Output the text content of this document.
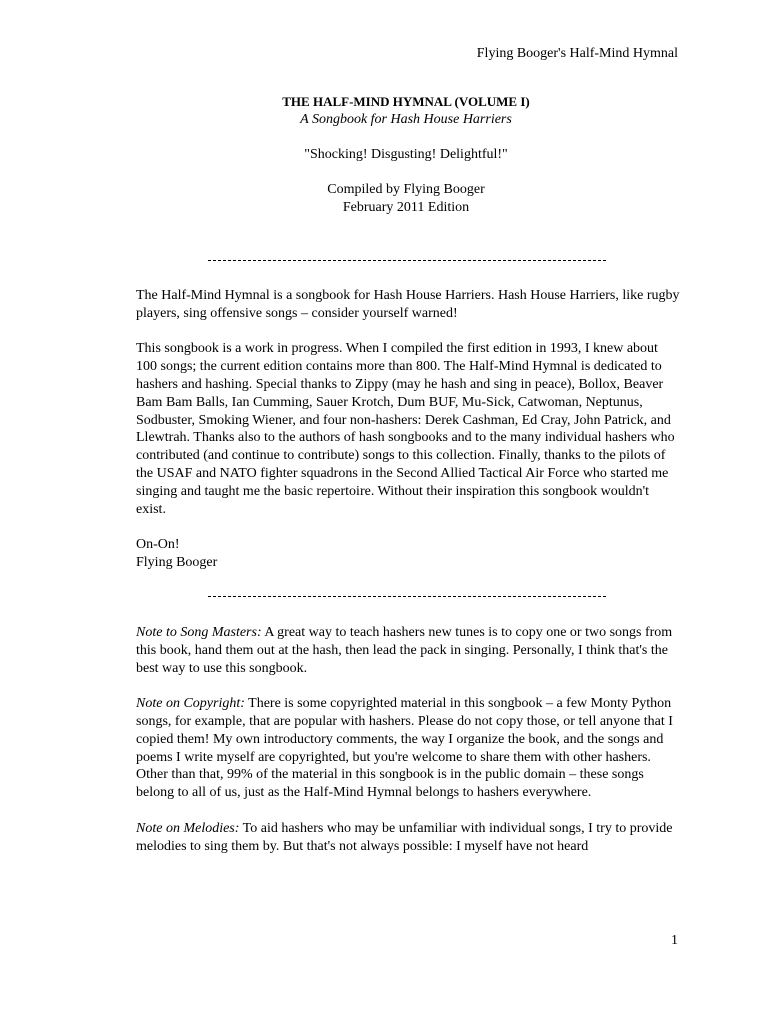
Flying Booger's Half-Mind Hymnal
THE HALF-MIND HYMNAL (VOLUME I)
A Songbook for Hash House Harriers
"Shocking! Disgusting! Delightful!"
Compiled by Flying Booger
February 2011 Edition

The Half-Mind Hymnal is a songbook for Hash House Harriers. Hash House Harriers, like rugby players, sing offensive songs – consider yourself warned!

This songbook is a work in progress. When I compiled the first edition in 1993, I knew about 100 songs; the current edition contains more than 800. The Half-Mind Hymnal is dedicated to hashers and hashing. Special thanks to Zippy (may he hash and sing in peace), Bollox, Beaver Bam Bam Balls, Ian Cumming, Sauer Krotch, Dum BUF, Mu-Sick, Catwoman, Neptunus, Sodbuster, Smoking Wiener, and four non-hashers: Derek Cashman, Ed Cray, John Patrick, and Llewtrah. Thanks also to the authors of hash songbooks and to the many individual hashers who contributed (and continue to contribute) songs to this collection. Finally, thanks to the pilots of the USAF and NATO fighter squadrons in the Second Allied Tactical Air Force who started me singing and taught me the basic repertoire. Without their inspiration this songbook wouldn't exist.

On-On!

Flying Booger

Note to Song Masters: A great way to teach hashers new tunes is to copy one or two songs from this book, hand them out at the hash, then lead the pack in singing. Personally, I think that's the best way to use this songbook.

Note on Copyright: There is some copyrighted material in this songbook – a few Monty Python songs, for example, that are popular with hashers. Please do not copy those, or tell anyone that I copied them! My own introductory comments, the way I organize the book, and the songs and poems I write myself are copyrighted, but you're welcome to share them with other hashers. Other than that, 99% of the material in this songbook is in the public domain – these songs belong to all of us, just as the Half-Mind Hymnal belongs to hashers everywhere.

Note on Melodies: To aid hashers who may be unfamiliar with individual songs, I try to provide melodies to sing them by. But that's not always possible: I myself have not heard

1
